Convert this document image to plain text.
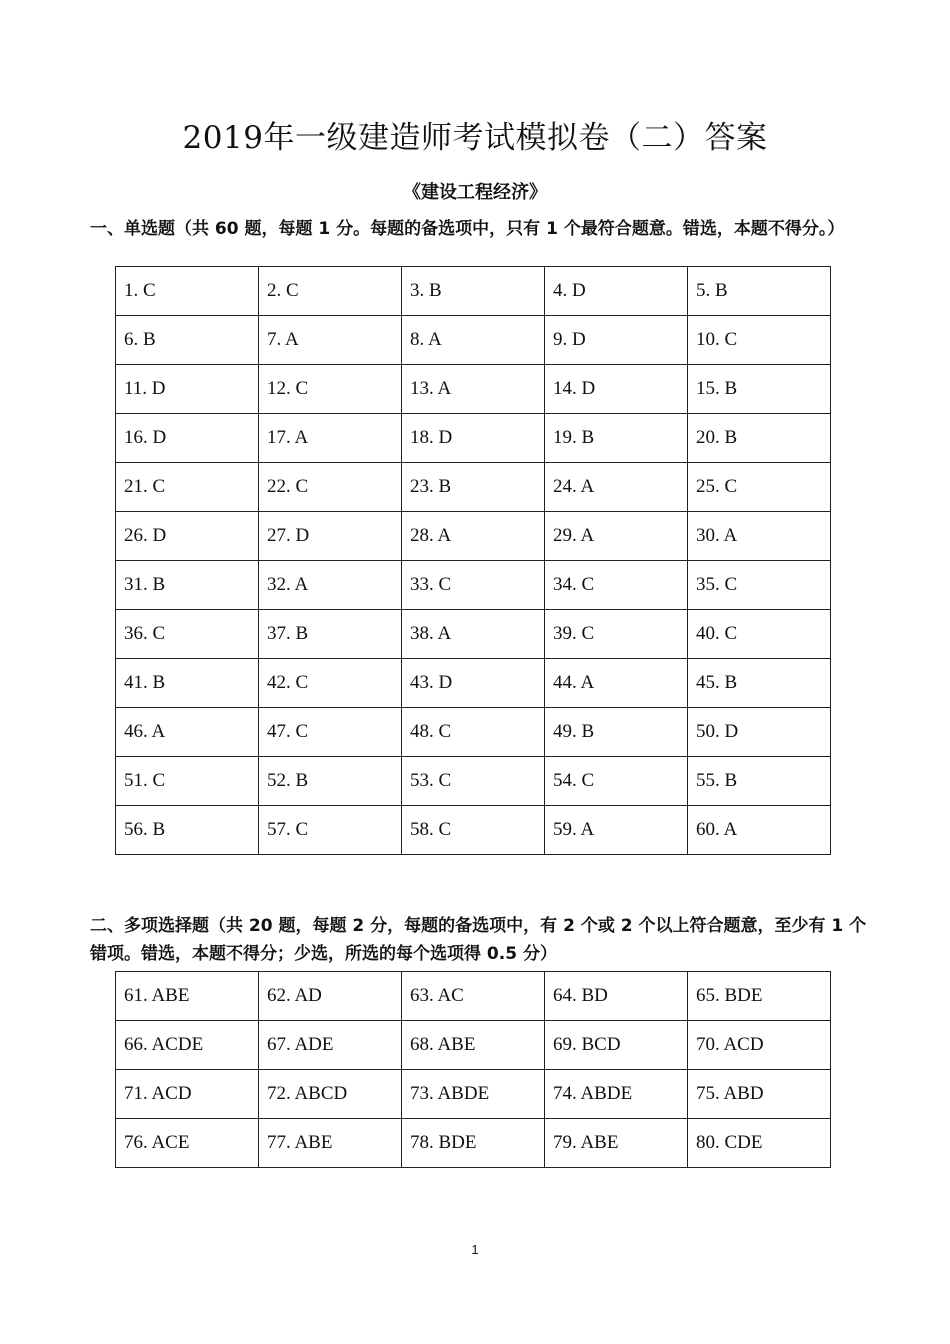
2019年一级建造师考试模拟卷（二）答案
《建设工程经济》
一、单选题（共 60 题，每题 1 分。每题的备选项中，只有 1 个最符合题意。错选，本题不得分。）
1. C	2. C	3. B	4. D	5. B
6. B	7. A	8. A	9. D	10. C
11. D	12. C	13. A	14. D	15. B
16. D	17. A	18. D	19. B	20. B
21. C	22. C	23. B	24. A	25. C
26. D	27. D	28. A	29. A	30. A
31. B	32. A	33. C	34. C	35. C
36. C	37. B	38. A	39. C	40. C
41. B	42. C	43. D	44. A	45. B
46. A	47. C	48. C	49. B	50. D
51. C	52. B	53. C	54. C	55. B
56. B	57. C	58. C	59. A	60. A
二、多项选择题（共 20 题，每题 2 分，每题的备选项中，有 2 个或 2 个以上符合题意，至少有 1 个错项。错选，本题不得分；少选，所选的每个选项得 0.5 分）
61. ABE	62. AD	63. AC	64. BD	65. BDE
66. ACDE	67. ADE	68. ABE	69. BCD	70. ACD
71. ACD	72. ABCD	73. ABDE	74. ABDE	75. ABD
76. ACE	77. ABE	78. BDE	79. ABE	80. CDE
1
